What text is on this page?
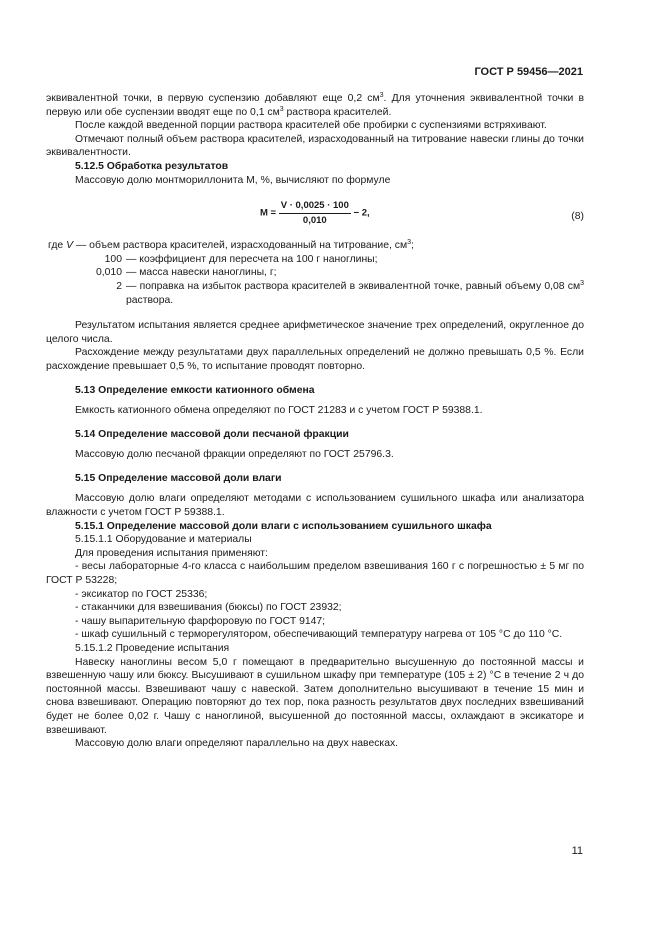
ГОСТ Р 59456—2021

эквивалентной точки, в первую суспензию добавляют еще 0,2 $см^3$. Для уточнения эквивалентной точки в первую или обе суспензии вводят еще по 0,1 $см^3$ раствора красителей.

После каждой введенной порции раствора красителей обе пробирки с суспензиями встряхивают.

Отмечают полный объем раствора красителей, израсходованный на титрование навески глины до точки эквивалентности.

5.12.5 Обработка результатов

Массовую долю монтмориллонита М, %, вычисляют по формуле

$M = \frac{V \cdot 0,0025 \cdot 100}{0,010} - 2$,	(8)

где V — объем раствора красителей, израсходованный на титрование, $см^3$;

100 — коэффициент для пересчета на 100 г наноглины;
0,010 — масса навески наноглины, г;
2 — поправка на избыток раствора красителей в эквивалентной точке, равный объему 0,08 $см^3$ раствора.

Результатом испытания является среднее арифметическое значение трех определений, округленное до целого числа.

Расхождение между результатами двух параллельных определений не должно превышать 0,5 %. Если расхождение превышает 0,5 %, то испытание проводят повторно.

5.13 Определение емкости катионного обмена

Емкость катионного обмена определяют по ГОСТ 21283 и с учетом ГОСТ Р 59388.1.

5.14 Определение массовой доли песчаной фракции

Массовую долю песчаной фракции определяют по ГОСТ 25796.3.

5.15 Определение массовой доли влаги

Массовую долю влаги определяют методами с использованием сушильного шкафа или анализатора влажности с учетом ГОСТ Р 59388.1.

5.15.1 Определение массовой доли влаги с использованием сушильного шкафа

5.15.1.1 Оборудование и материалы

Для проведения испытания применяют:

- весы лабораторные 4-го класса с наибольшим пределом взвешивания 160 г с погрешностью ± 5 мг по ГОСТ Р 53228;

- эксикатор по ГОСТ 25336;

- стаканчики для взвешивания (бюксы) по ГОСТ 23932;

- чашу выпарительную фарфоровую по ГОСТ 9147;

- шкаф сушильный с терморегулятором, обеспечивающий температуру нагрева от 105 °С до 110 °С.

5.15.1.2 Проведение испытания

Навеску наноглины весом 5,0 г помещают в предварительно высушенную до постоянной массы и взвешенную чашу или бюксу. Высушивают в сушильном шкафу при температуре (105 ± 2) °С в течение 2 ч до постоянной массы. Взвешивают чашу с навеской. Затем дополнительно высушивают в течение 15 мин и снова взвешивают. Операцию повторяют до тех пор, пока разность результатов двух последних взвешиваний будет не более 0,02 г. Чашу с наноглиной, высушенной до постоянной массы, охлаждают в эксикаторе и взвешивают.

Массовую долю влаги определяют параллельно на двух навесках.

11
